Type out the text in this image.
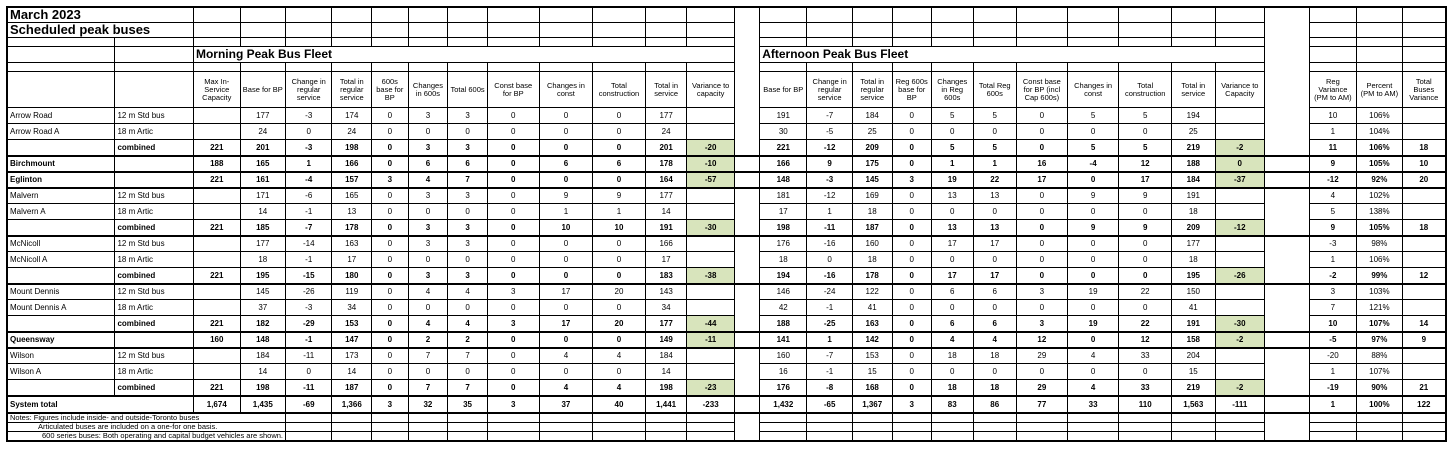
March 2023																													
Scheduled peak buses																													

		Morning Peak Bus Fleet													Afternoon Peak Bus Fleet														

		Max In-Service Capacity	Base for BP	Change in regular service	Total in regular service	600s base for BP	Changes in 600s	Total 600s	Const base for BP	Changes in const	Total construction	Total in service	Variance to capacity		Base for BP	Change in regular service	Total in regular service	Reg 600s base for BP	Changes in Reg 600s	Total Reg 600s	Const base for BP (incl Cap 600s)	Changes in const	Total construction	Total in service	Variance to Capacity		Reg Variance (PM to AM)	Percent (PM to AM)	Total Buses Variance
Arrow Road	12 m Std bus		177	-3	174	0	3	3	0	0	0	177			191	-7	184	0	5	5	0	5	5	194			10	106%	
Arrow Road A	18 m Artic		24	0	24	0	0	0	0	0	0	24			30	-5	25	0	0	0	0	0	0	25			1	104%	
	combined	221	201	-3	198	0	3	3	0	0	0	201	-20		221	-12	209	0	5	5	0	5	5	219	-2		11	106%	18
Birchmount		188	165	1	166	0	6	6	0	6	6	178	-10		166	9	175	0	1	1	16	-4	12	188	0		9	105%	10
Eglinton		221	161	-4	157	3	4	7	0	0	0	164	-57		148	-3	145	3	19	22	17	0	17	184	-37		-12	92%	20
Malvern	12 m Std bus		171	-6	165	0	3	3	0	9	9	177			181	-12	169	0	13	13	0	9	9	191			4	102%	
Malvern A	18 m Artic		14	-1	13	0	0	0	0	1	1	14			17	1	18	0	0	0	0	0	0	18			5	138%	
	combined	221	185	-7	178	0	3	3	0	10	10	191	-30		198	-11	187	0	13	13	0	9	9	209	-12		9	105%	18
McNicoll	12 m Std bus		177	-14	163	0	3	3	0	0	0	166			176	-16	160	0	17	17	0	0	0	177			-3	98%	
McNicoll A	18 m Artic		18	-1	17	0	0	0	0	0	0	17			18	0	18	0	0	0	0	0	0	18			1	106%	
	combined	221	195	-15	180	0	3	3	0	0	0	183	-38		194	-16	178	0	17	17	0	0	0	195	-26		-2	99%	12
Mount Dennis	12 m Std bus		145	-26	119	0	4	4	3	17	20	143			146	-24	122	0	6	6	3	19	22	150			3	103%	
Mount Dennis A	18 m Artic		37	-3	34	0	0	0	0	0	0	34			42	-1	41	0	0	0	0	0	0	41			7	121%	
	combined	221	182	-29	153	0	4	4	3	17	20	177	-44		188	-25	163	0	6	6	3	19	22	191	-30		10	107%	14
Queensway		160	148	-1	147	0	2	2	0	0	0	149	-11		141	1	142	0	4	4	12	0	12	158	-2		-5	97%	9
Wilson	12 m Std bus		184	-11	173	0	7	7	0	4	4	184			160	-7	153	0	18	18	29	4	33	204			-20	88%	
Wilson A	18 m Artic		14	0	14	0	0	0	0	0	0	14			16	-1	15	0	0	0	0	0	0	15			1	107%	
	combined	221	198	-11	187	0	7	7	0	4	4	198	-23		176	-8	168	0	18	18	29	4	33	219	-2		-19	90%	21
System total		1,674	1,435	-69	1,366	3	32	35	3	37	40	1,441	-233		1,432	-65	1,367	3	83	86	77	33	110	1,563	-111		1	100%	122
Notes: Figures include inside- and outside-Toronto buses																													
Articulated buses are included on a one-for one basis.																													
600 series buses: Both operating and capital budget vehicles are shown.																													
